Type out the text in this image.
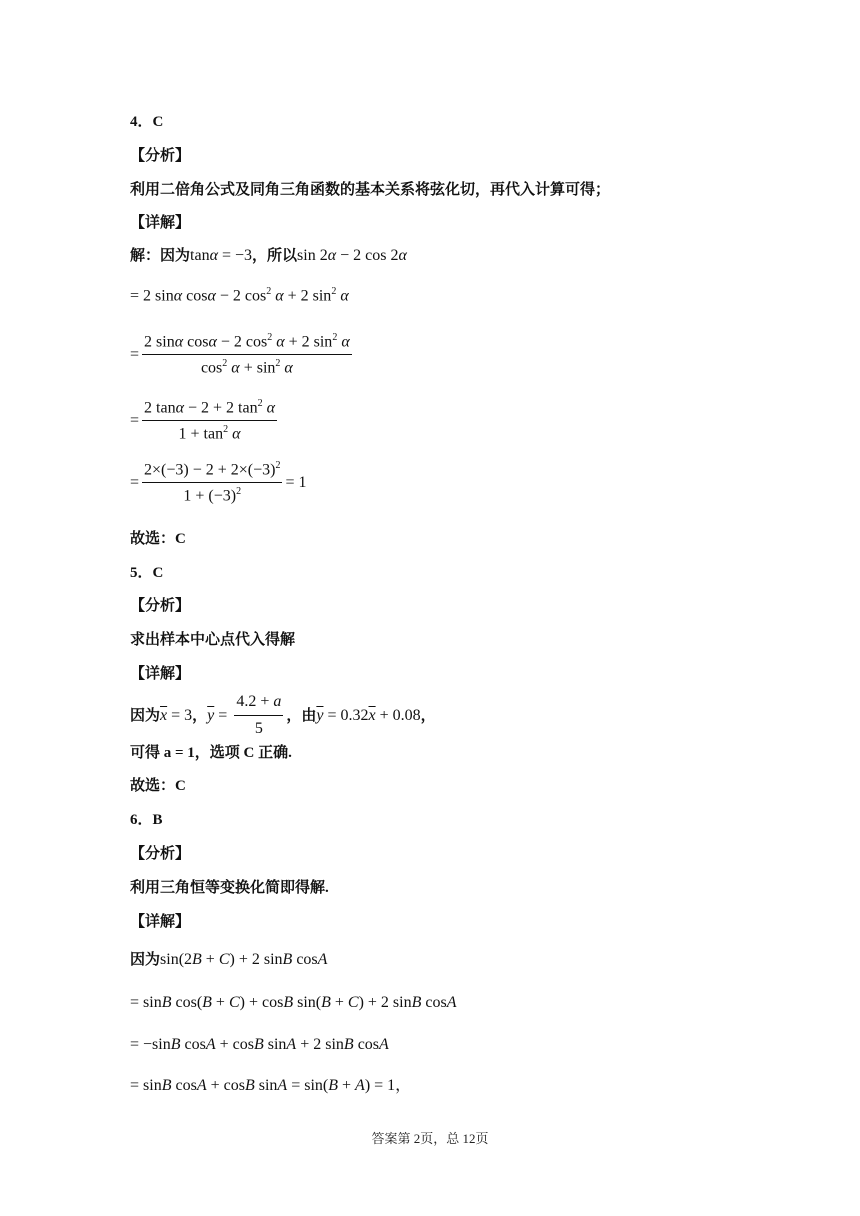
4．C
【分析】
利用二倍角公式及同角三角函数的基本关系将弦化切，再代入计算可得；
【详解】
解：因为tanα = −3，所以sin 2α − 2 cos 2α
= 2 sinα cosα − 2 $\cos^2 \alpha + 2$ $\sin^2 \alpha$
= $\frac{2 \sin\alpha \cos\alpha - 2 \cos^2 \alpha + 2 \sin^2 \alpha}{\cos^2 \alpha + \sin^2 \alpha}$
= $\frac{2 \tan\alpha - 2 + 2 \tan^2 \alpha}{1 + \tan^2 \alpha}$
= $\frac{2\times(-3) - 2 + 2\times(-3)^2}{1 + (-3)^2} = 1$
故选：C
5．C
【分析】
求出样本中心点代入得解
【详解】
因为 $\overline{x} = 3$ ， $\overline{y} = \frac{4.2 + a}{5}$ ，由 $\overline{y} = 0.32\overline{x} + 0.08$ ，
可得 a = 1，选项 C 正确.
故选：C
6．B
【分析】
利用三角恒等变换化简即得解.
【详解】
因为sin(2B + C) + 2 sinB cosA
= sinB cos(B + C) + cosB sin(B + C) + 2 sinB cosA
= −sinB cosA + cosB sinA + 2 sinB cosA
= sinB cosA + cosB sinA = sin(B + A) = 1，
答案第 2页，总 12页
